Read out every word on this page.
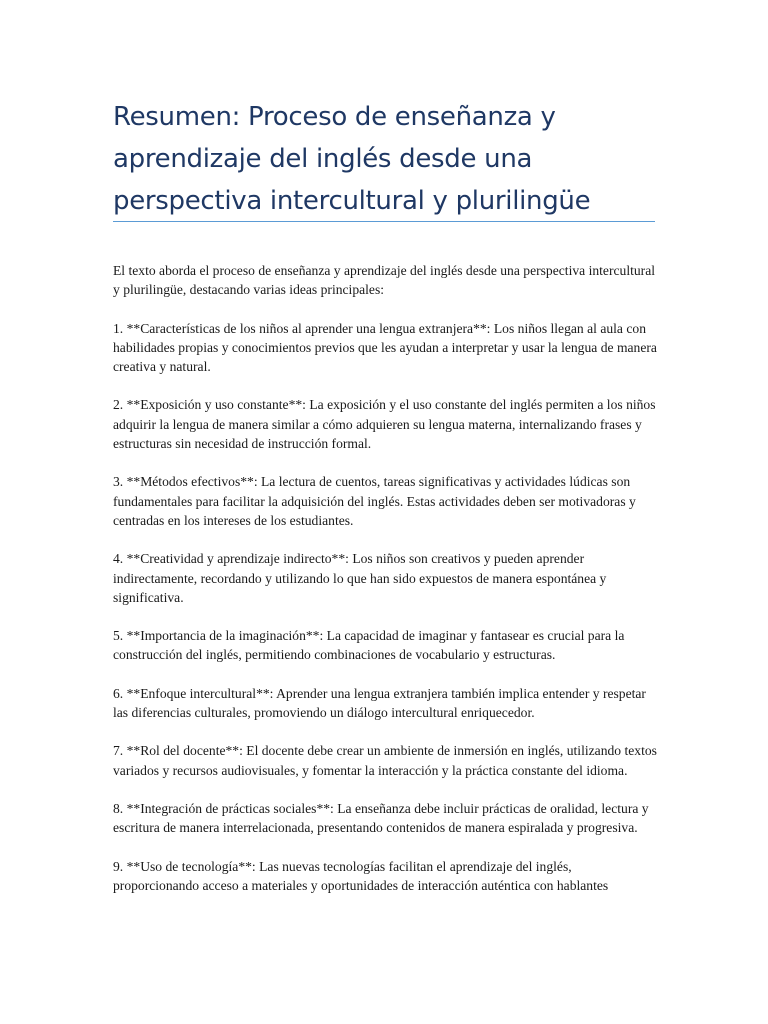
Resumen: Proceso de enseñanza y aprendizaje del inglés desde una perspectiva intercultural y plurilingüe

El texto aborda el proceso de enseñanza y aprendizaje del inglés desde una perspectiva intercultural y plurilingüe, destacando varias ideas principales:

1. **Características de los niños al aprender una lengua extranjera**: Los niños llegan al aula con habilidades propias y conocimientos previos que les ayudan a interpretar y usar la lengua de manera creativa y natural.

2. **Exposición y uso constante**: La exposición y el uso constante del inglés permiten a los niños adquirir la lengua de manera similar a cómo adquieren su lengua materna, internalizando frases y estructuras sin necesidad de instrucción formal.

3. **Métodos efectivos**: La lectura de cuentos, tareas significativas y actividades lúdicas son fundamentales para facilitar la adquisición del inglés. Estas actividades deben ser motivadoras y centradas en los intereses de los estudiantes.

4. **Creatividad y aprendizaje indirecto**: Los niños son creativos y pueden aprender indirectamente, recordando y utilizando lo que han sido expuestos de manera espontánea y significativa.

5. **Importancia de la imaginación**: La capacidad de imaginar y fantasear es crucial para la construcción del inglés, permitiendo combinaciones de vocabulario y estructuras.

6. **Enfoque intercultural**: Aprender una lengua extranjera también implica entender y respetar las diferencias culturales, promoviendo un diálogo intercultural enriquecedor.

7. **Rol del docente**: El docente debe crear un ambiente de inmersión en inglés, utilizando textos variados y recursos audiovisuales, y fomentar la interacción y la práctica constante del idioma.

8. **Integración de prácticas sociales**: La enseñanza debe incluir prácticas de oralidad, lectura y escritura de manera interrelacionada, presentando contenidos de manera espiralada y progresiva.

9. **Uso de tecnología**: Las nuevas tecnologías facilitan el aprendizaje del inglés, proporcionando acceso a materiales y oportunidades de interacción auténtica con hablantes
